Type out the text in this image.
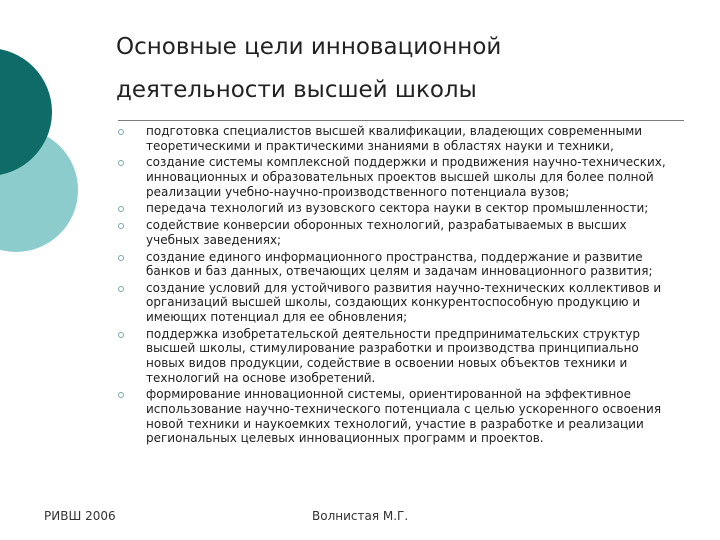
Основные цели инновационной
деятельности высшей школы
подготовка специалистов высшей квалификации, владеющих современными теоретическими и практическими знаниями в областях науки и техники,
создание системы комплексной поддержки и продвижения научно-технических, инновационных и образовательных проектов высшей школы для более полной реализации учебно-научно-производственного потенциала вузов;
передача технологий из вузовского сектора науки в сектор промышленности;
содействие конверсии оборонных технологий, разрабатываемых в высших учебных заведениях;
создание единого информационного пространства, поддержание и развитие банков и баз данных, отвечающих целям и задачам инновационного развития;
создание условий для устойчивого развития научно-технических коллективов и организаций высшей школы, создающих конкурентоспособную продукцию и имеющих потенциал для ее обновления;
поддержка изобретательской деятельности предпринимательских структур высшей школы, стимулирование разработки и производства принципиально новых видов продукции, содействие в освоении новых объектов техники и технологий на основе изобретений.
формирование инновационной системы, ориентированной на эффективное использование научно-технического потенциала с целью ускоренного освоения новой техники и наукоемких технологий, участие в разработке и реализации региональных целевых инновационных программ и проектов.
РИВШ 2006	Волнистая М.Г.
